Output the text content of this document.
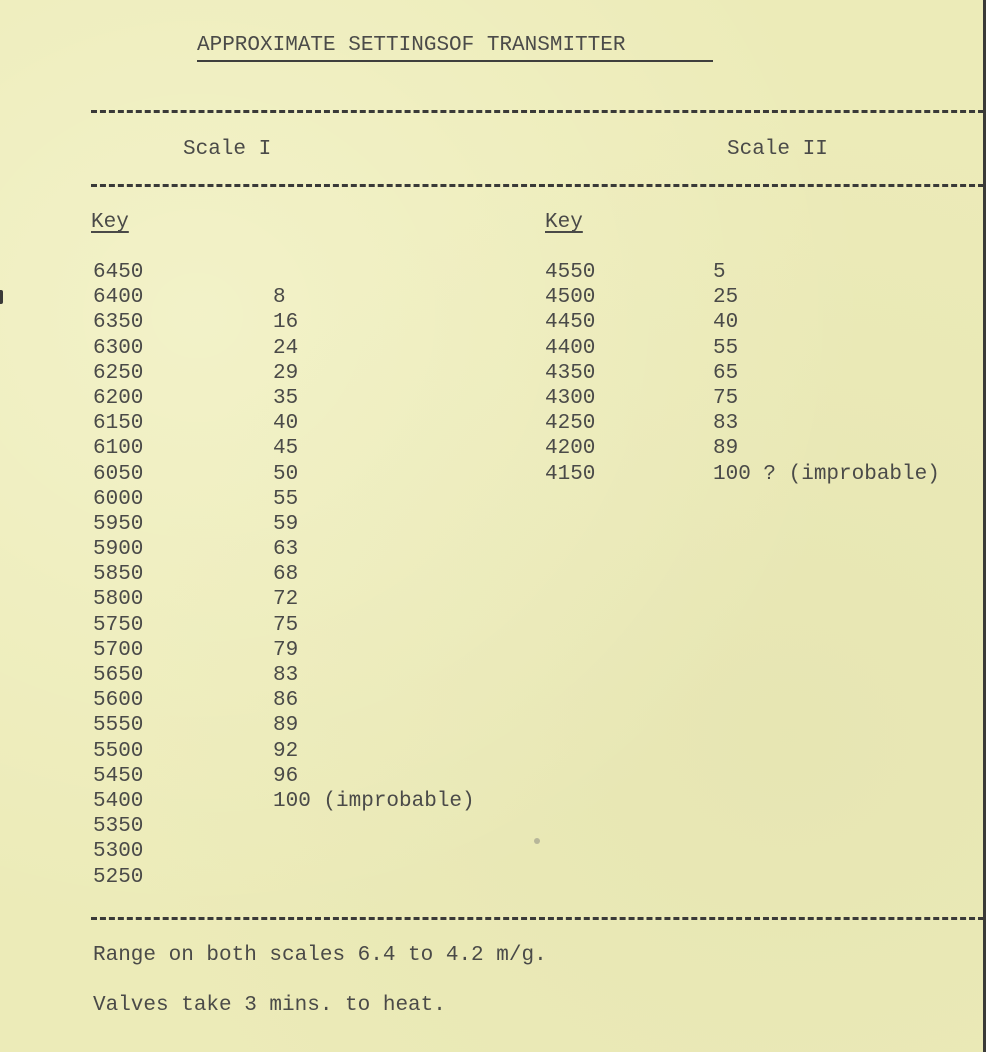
APPROXIMATE SETTINGSOF TRANSMITTER
Scale I	Scale II
Key	Key
6450
6400
6350
6300
6250
6200
6150
6100
6050
6000
5950
5900
5850
5800
5750
5700
5650
5600
5550
5500
5450
5400
5350
5300
5250
8
16
24
29
35
40
45
50
55
59
63
68
72
75
79
83
86
89
92
96
100 (improbable)
4550
4500
4450
4400
4350
4300
4250
4200
4150
5
25
40
55
65
75
83
89
100 ? (improbable)
Range on both scales 6.4 to 4.2 m/g.
Valves take 3 mins. to heat.
